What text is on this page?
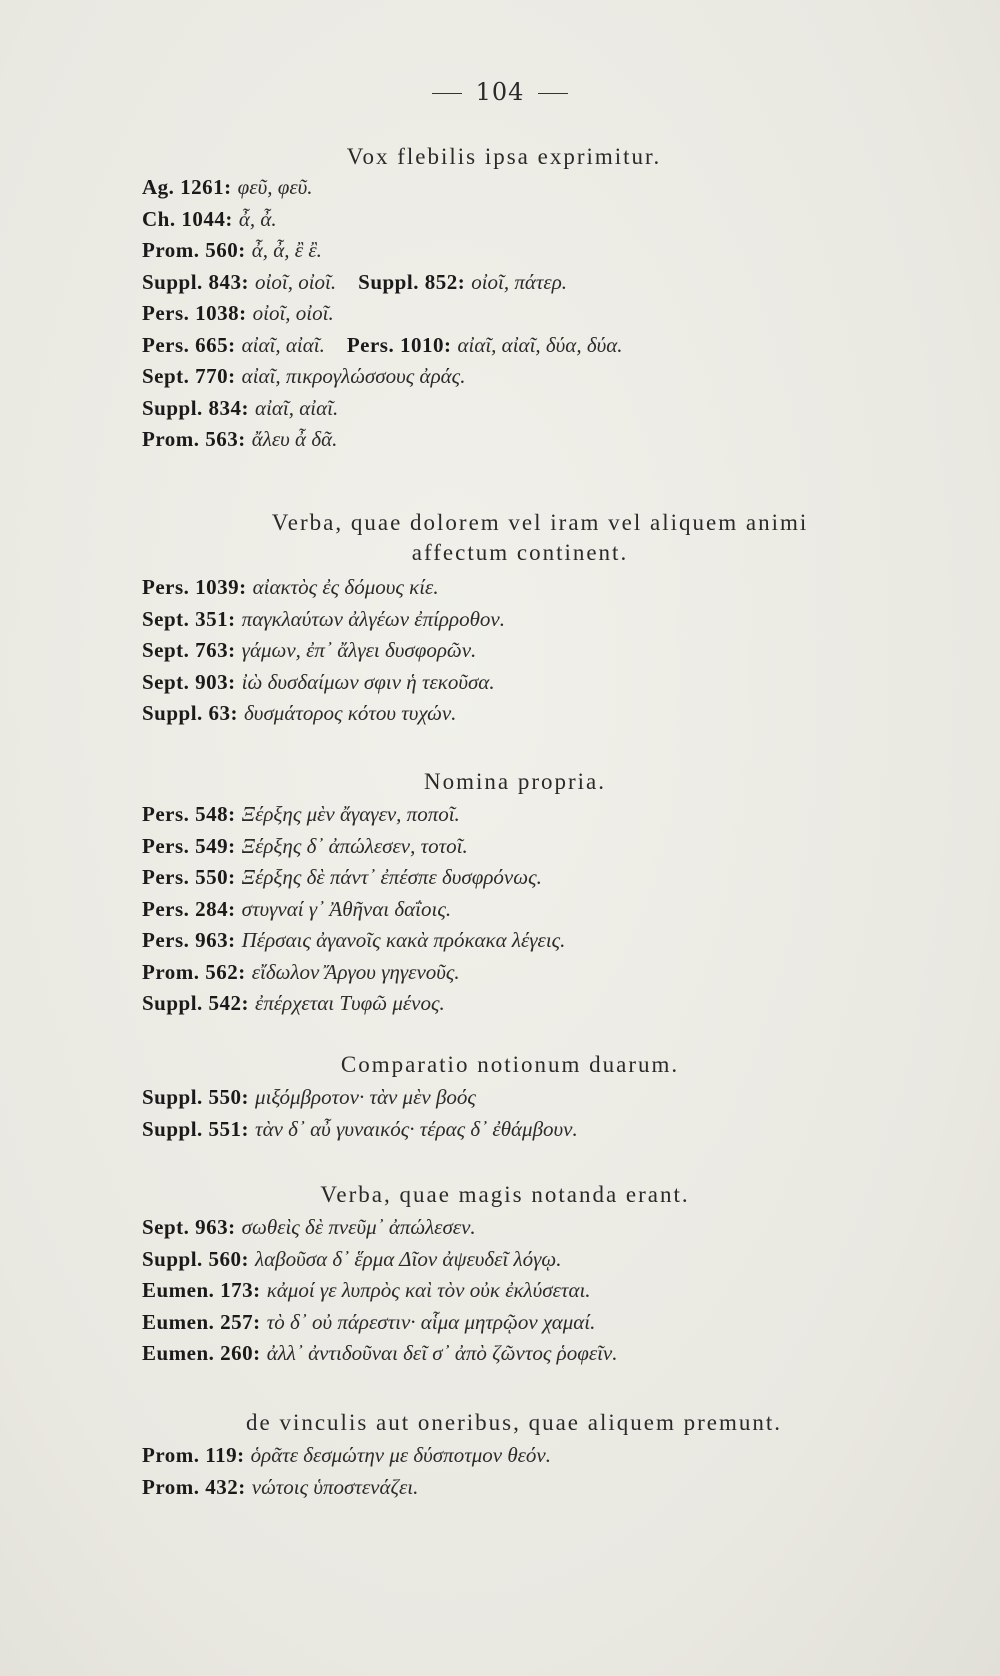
104
Vox flebilis ipsa exprimitur.
Ag. 1261: φεῦ, φεῦ.
Ch. 1044: ἆ, ἆ.
Prom. 560: ἆ, ἆ, ἒ ἒ.
Suppl. 843: οἰοῖ, οἰοῖ. Suppl. 852: οἰοῖ, πάτερ.
Pers. 1038: οἰοῖ, οἰοῖ.
Pers. 665: αἰαῖ, αἰαῖ. Pers. 1010: αἰαῖ, αἰαῖ, δύα, δύα.
Sept. 770: αἰαῖ, πικρογλώσσους ἀράς.
Suppl. 834: αἰαῖ, αἰαῖ.
Prom. 563: ἄλευ ἆ δᾶ.
Verba, quae dolorem vel iram vel aliquem animi
affectum continent.
Pers. 1039: αἰακτὸς ἐς δόμους κίε.
Sept. 351: παγκλαύτων ἀλγέων ἐπίρροθον.
Sept. 763: γάμων, ἐπ᾽ ἄλγει δυσφορῶν.
Sept. 903: ἰὼ δυσδαίμων σφιν ἡ τεκοῦσα.
Suppl. 63: δυσμάτορος κότου τυχών.
Nomina propria.
Pers. 548: Ξέρξης μὲν ἄγαγεν, ποποῖ.
Pers. 549: Ξέρξης δ᾽ ἀπώλεσεν, τοτοῖ.
Pers. 550: Ξέρξης δὲ πάντ᾽ ἐπέσπε δυσφρόνως.
Pers. 284: στυγναί γ᾽ Ἀθῆναι δαΐοις.
Pers. 963: Πέρσαις ἀγανοῖς κακὰ πρόκακα λέγεις.
Prom. 562: εἴδωλον Ἄργου γηγενοῦς.
Suppl. 542: ἐπέρχεται Τυφῶ μένος.
Comparatio notionum duarum.
Suppl. 550: μιξόμβροτον· τὰν μὲν βοός
Suppl. 551: τὰν δ᾽ αὖ γυναικός· τέρας δ᾽ ἐθάμβουν.
Verba, quae magis notanda erant.
Sept. 963: σωθεὶς δὲ πνεῦμ᾽ ἀπώλεσεν.
Suppl. 560: λαβοῦσα δ᾽ ἕρμα Δῖον ἀψευδεῖ λόγῳ.
Eumen. 173: κἀμοί γε λυπρὸς καὶ τὸν οὐκ ἐκλύσεται.
Eumen. 257: τὸ δ᾽ οὐ πάρεστιν· αἷμα μητρῷον χαμαί.
Eumen. 260: ἀλλ᾽ ἀντιδοῦναι δεῖ σ᾽ ἀπὸ ζῶντος ῥοφεῖν.
de vinculis aut oneribus, quae aliquem premunt.
Prom. 119: ὁρᾶτε δεσμώτην με δύσποτμον θεόν.
Prom. 432: νώτοις ὑποστενάζει.
